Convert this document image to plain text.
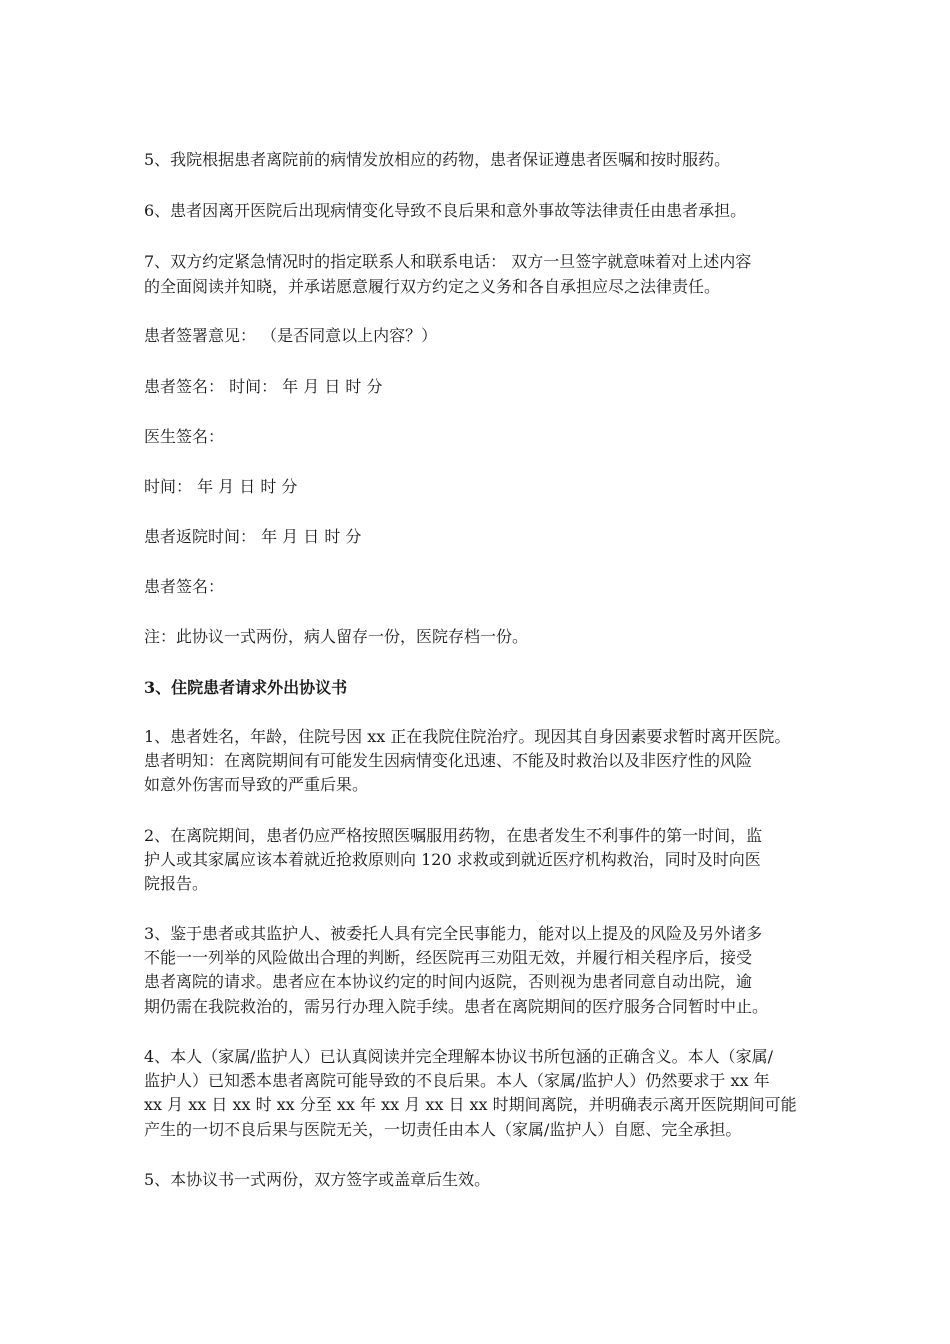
5、我院根据患者离院前的病情发放相应的药物，患者保证遵患者医嘱和按时服药。
6、患者因离开医院后出现病情变化导致不良后果和意外事故等法律责任由患者承担。
7、双方约定紧急情况时的指定联系人和联系电话： 双方一旦签字就意味着对上述内容
的全面阅读并知晓，并承诺愿意履行双方约定之义务和各自承担应尽之法律责任。
患者签署意见： （是否同意以上内容？）
患者签名： 时间： 年 月 日 时 分
医生签名：
时间： 年 月 日 时 分
患者返院时间： 年 月 日 时 分
患者签名：
注：此协议一式两份，病人留存一份，医院存档一份。
3、住院患者请求外出协议书
1、患者姓名，年龄，住院号因 xx 正在我院住院治疗。现因其自身因素要求暂时离开医院。
患者明知：在离院期间有可能发生因病情变化迅速、不能及时救治以及非医疗性的风险
如意外伤害而导致的严重后果。
2、在离院期间，患者仍应严格按照医嘱服用药物，在患者发生不利事件的第一时间，监
护人或其家属应该本着就近抢救原则向 120 求救或到就近医疗机构救治，同时及时向医
院报告。
3、鉴于患者或其监护人、被委托人具有完全民事能力，能对以上提及的风险及另外诸多
不能一一列举的风险做出合理的判断，经医院再三劝阻无效，并履行相关程序后，接受
患者离院的请求。患者应在本协议约定的时间内返院，否则视为患者同意自动出院，逾
期仍需在我院救治的，需另行办理入院手续。患者在离院期间的医疗服务合同暂时中止。
4、本人（家属/监护人）已认真阅读并完全理解本协议书所包涵的正确含义。本人（家属/
监护人）已知悉本患者离院可能导致的不良后果。本人（家属/监护人）仍然要求于 xx 年
xx 月 xx 日 xx 时 xx 分至 xx 年 xx 月 xx 日 xx 时期间离院，并明确表示离开医院期间可能
产生的一切不良后果与医院无关，一切责任由本人（家属/监护人）自愿、完全承担。
5、本协议书一式两份，双方签字或盖章后生效。
